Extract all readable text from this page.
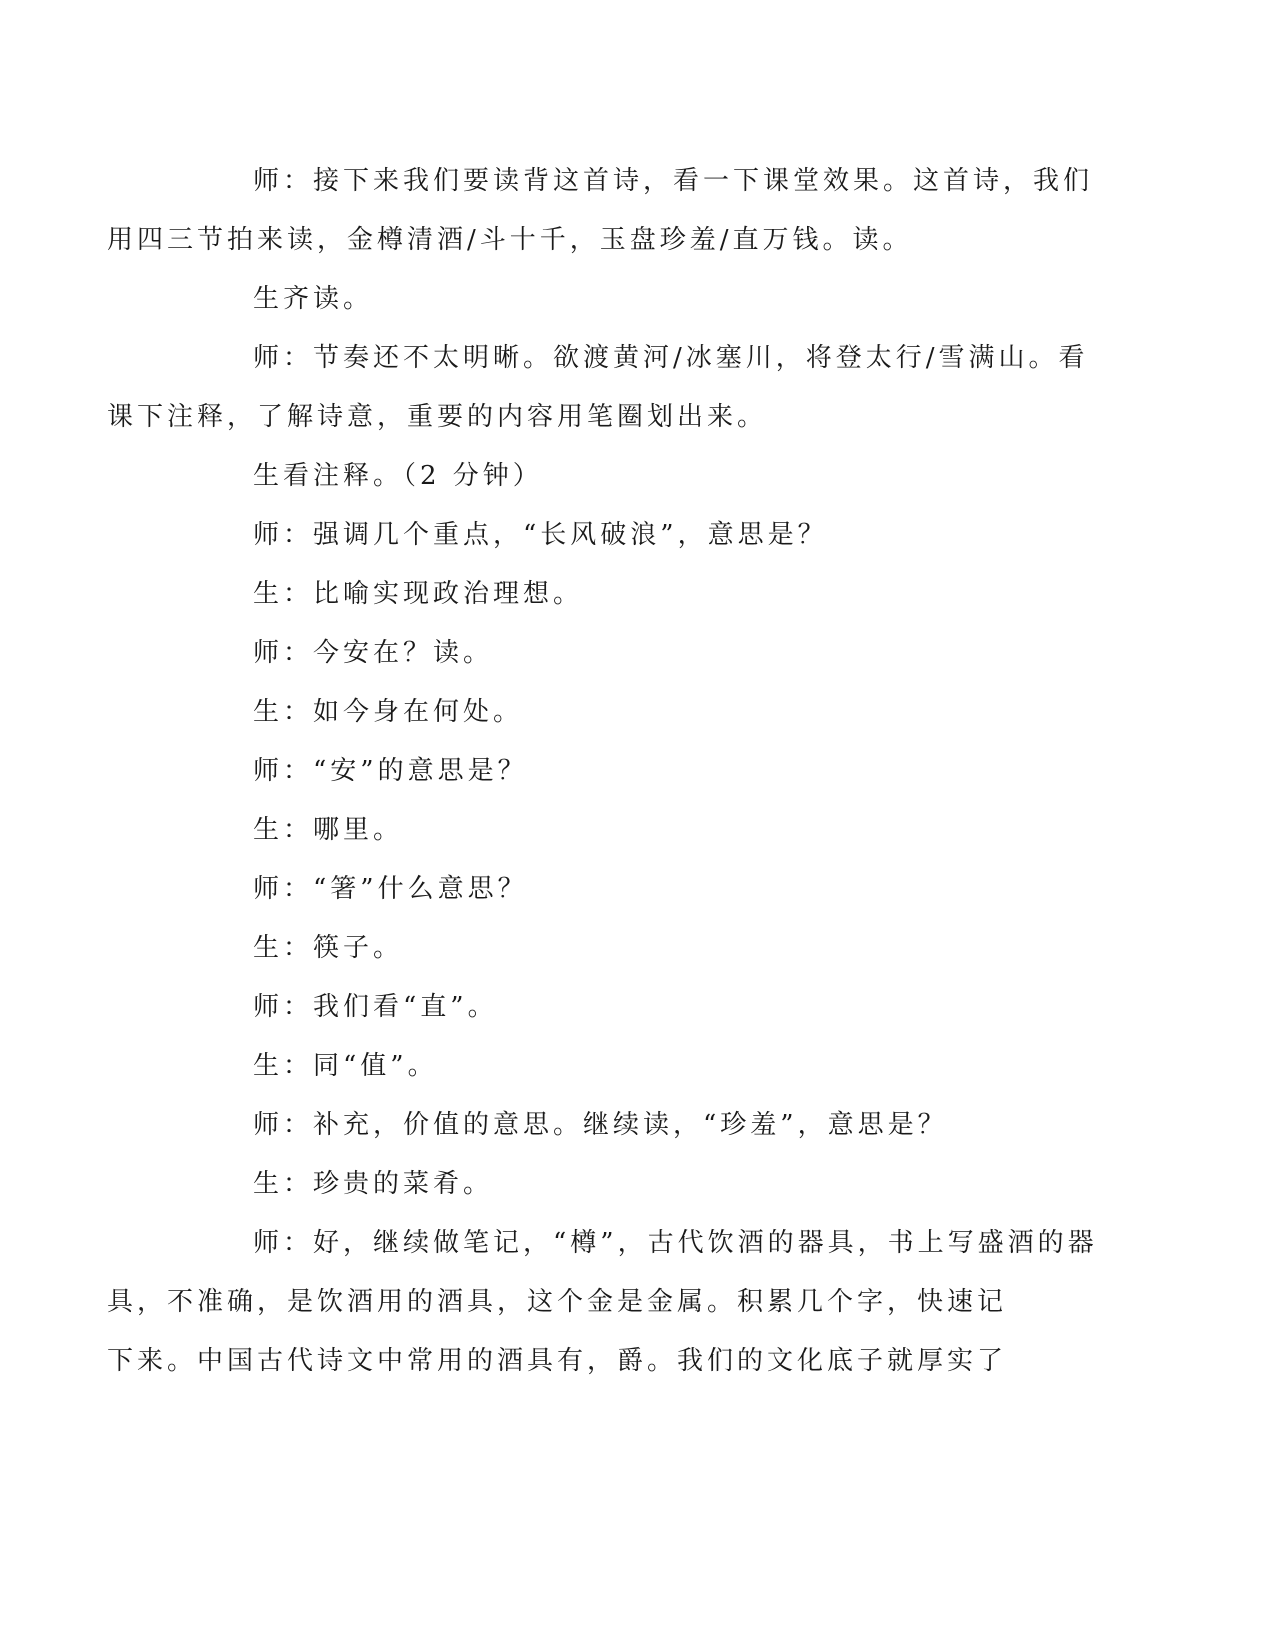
师：接下来我们要读背这首诗，看一下课堂效果。这首诗，我们
用四三节拍来读，金樽清酒/斗十千，玉盘珍羞/直万钱。读。

生齐读。

师：节奏还不太明晰。欲渡黄河/冰塞川，将登太行/雪满山。看
课下注释，了解诗意，重要的内容用笔圈划出来。

生看注释。（2 分钟）

师：强调几个重点，“长风破浪”，意思是？

生：比喻实现政治理想。

师：今安在？读。

生：如今身在何处。

师：“安”的意思是？

生：哪里。

师：“箸”什么意思？

生：筷子。

师：我们看“直”。

生：同“值”。

师：补充，价值的意思。继续读，“珍羞”，意思是？

生：珍贵的菜肴。

师：好，继续做笔记，“樽”，古代饮酒的器具，书上写盛酒的器
具，不准确，是饮酒用的酒具，这个金是金属。积累几个字，快速记
下来。中国古代诗文中常用的酒具有，爵。我们的文化底子就厚实了
